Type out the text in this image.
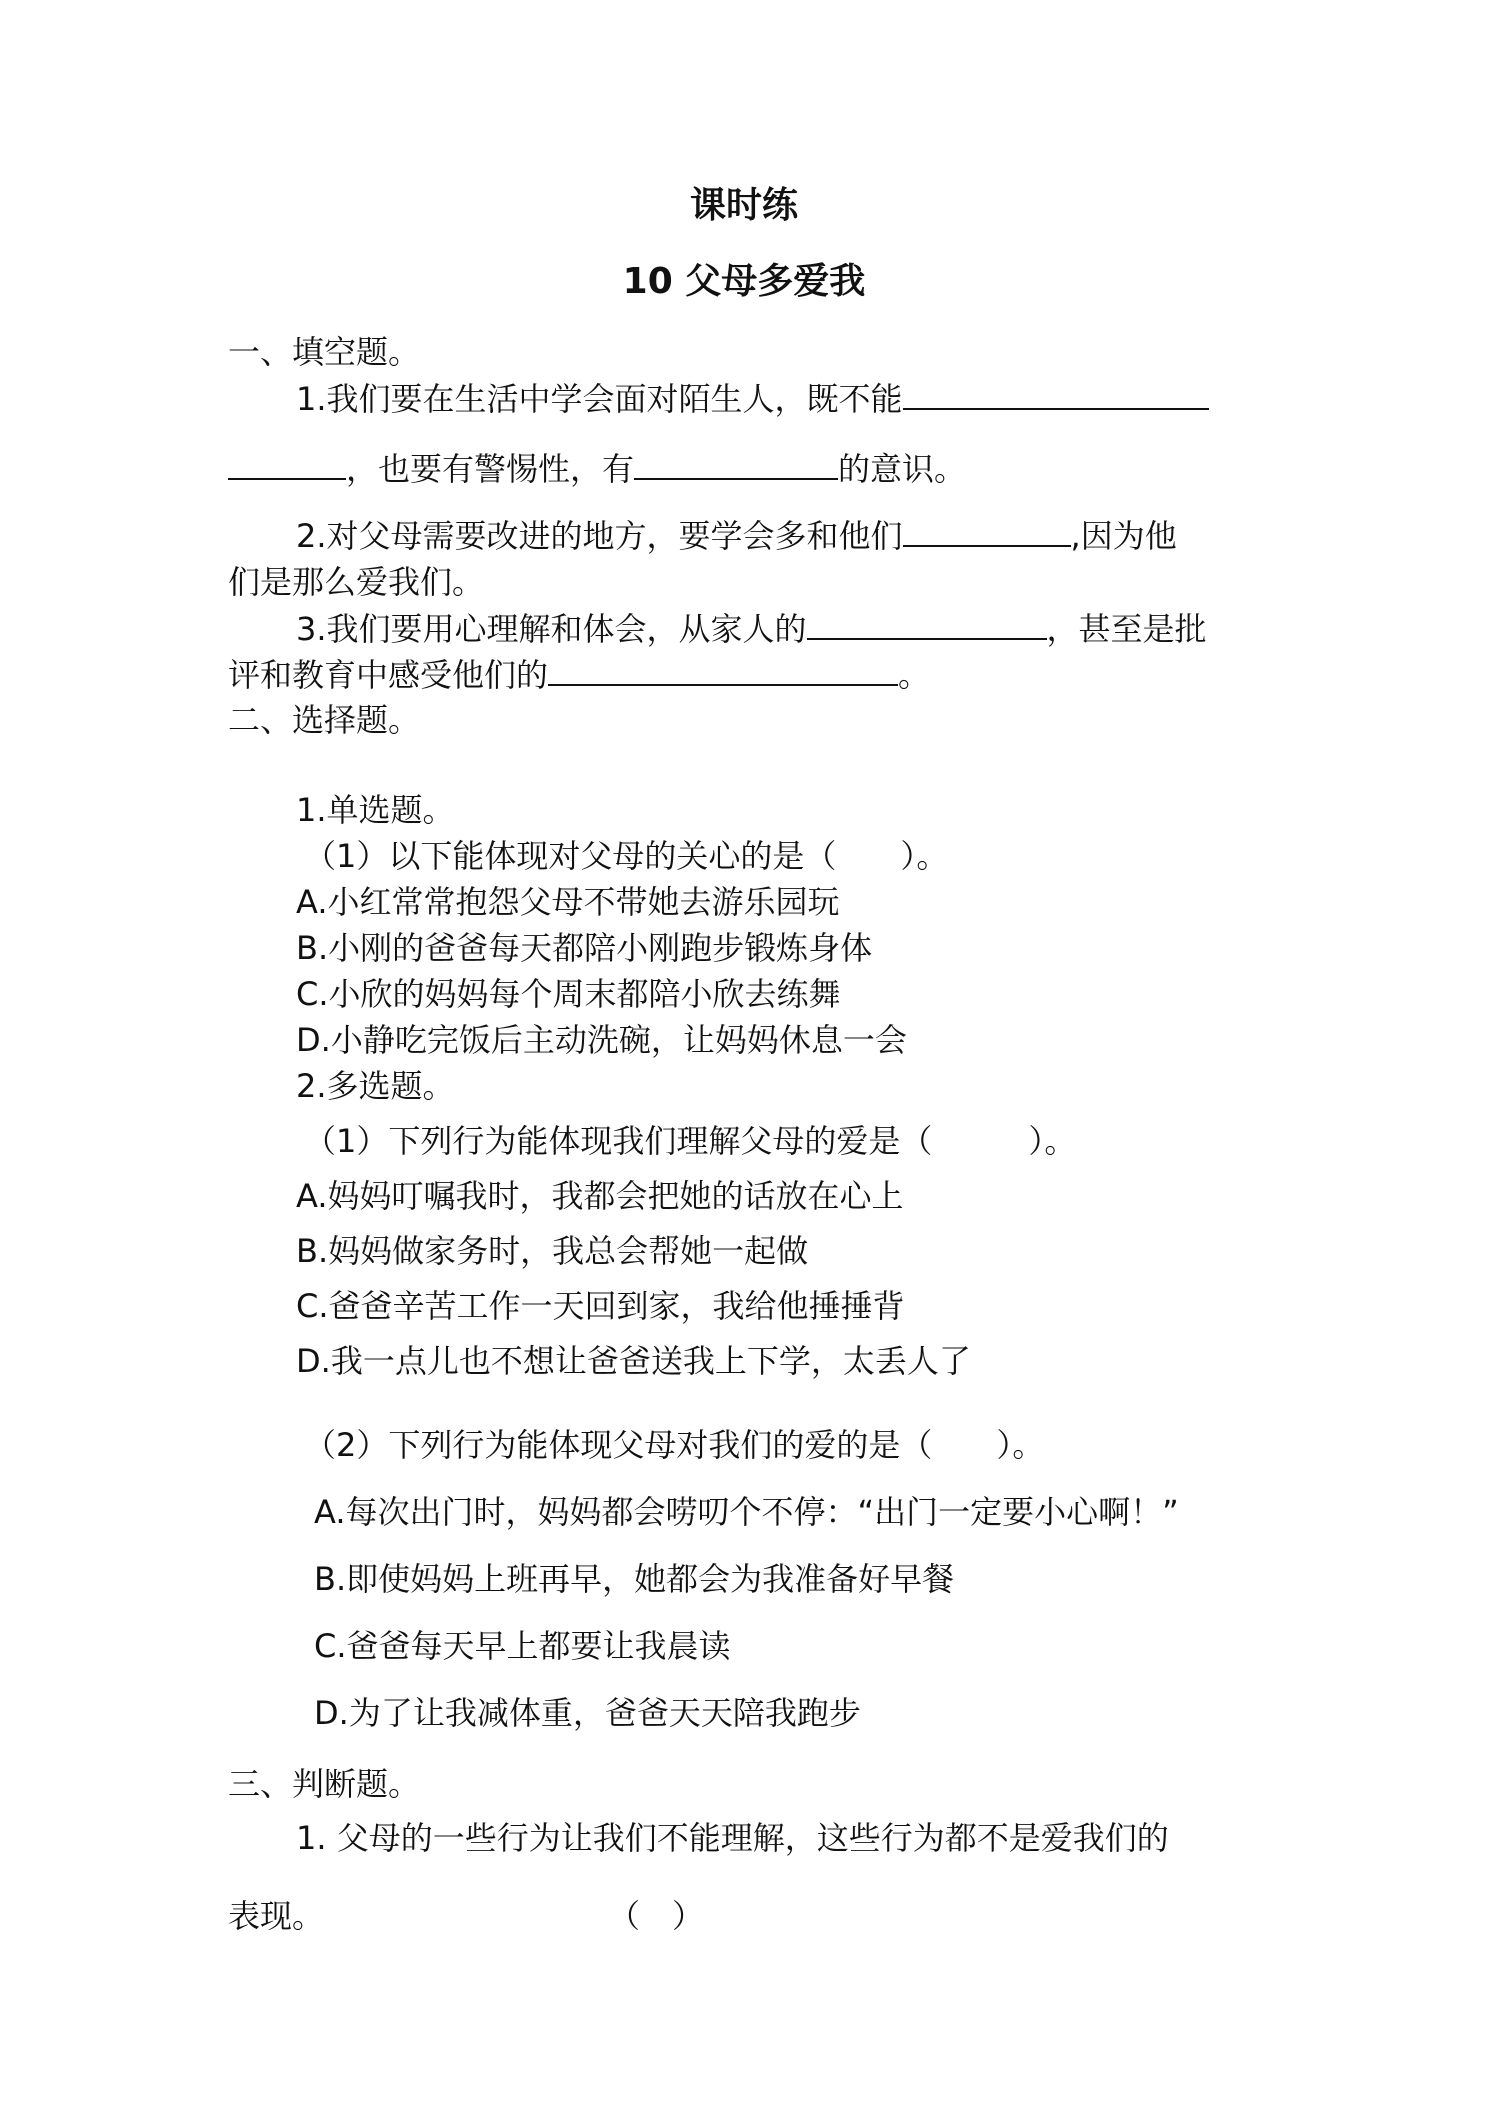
课时练
10 父母多爱我
一、填空题。
1.我们要在生活中学会面对陌生人，既不能
，也要有警惕性，有	的意识。
2.对父母需要改进的地方，要学会多和他们	,因为他
们是那么爱我们。
3.我们要用心理解和体会，从家人的	，甚至是批
评和教育中感受他们的	。
二、选择题。
1.单选题。
（1）以下能体现对父母的关心的是（　　）。
A.小红常常抱怨父母不带她去游乐园玩
B.小刚的爸爸每天都陪小刚跑步锻炼身体
C.小欣的妈妈每个周末都陪小欣去练舞
D.小静吃完饭后主动洗碗，让妈妈休息一会
2.多选题。
（1）下列行为能体现我们理解父母的爱是（　　　）。
A.妈妈叮嘱我时，我都会把她的话放在心上
B.妈妈做家务时，我总会帮她一起做
C.爸爸辛苦工作一天回到家，我给他捶捶背
D.我一点儿也不想让爸爸送我上下学，太丢人了
（2）下列行为能体现父母对我们的爱的是（　　）。
A.每次出门时，妈妈都会唠叨个不停：“出门一定要小心啊！”
B.即使妈妈上班再早，她都会为我准备好早餐
C.爸爸每天早上都要让我晨读
D.为了让我减体重，爸爸天天陪我跑步
三、判断题。
1. 父母的一些行为让我们不能理解，这些行为都不是爱我们的
表现。	（　）
